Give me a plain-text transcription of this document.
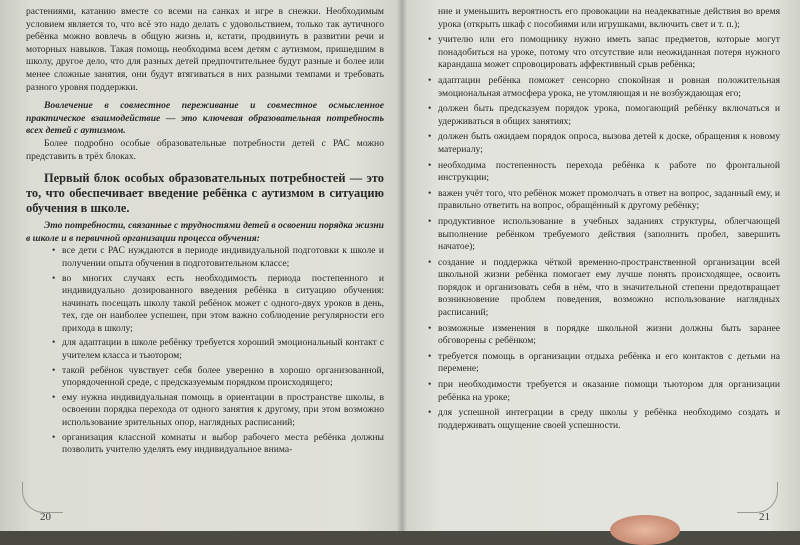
растениями, катанию вместе со всеми на санках и игре в снежки. Необходимым условием является то, что всё это надо делать с удовольствием, только так аутичного ребёнка можно вовлечь в общую жизнь и, кстати, продвинуть в развитии речи и моторных навыков. Такая помощь необходима всем детям с аутизмом, пришедшим в школу, другое дело, что для разных детей предпочтительнее будут разные и более или менее сложные занятия, они будут втягиваться в них разными темпами и требовать разного уровня поддержки.

Вовлечение в совместное переживание и совместное осмысленное практическое взаимодействие — это ключевая образовательная потребность всех детей с аутизмом.

Более подробно особые образовательные потребности детей с РАС можно представить в трёх блоках.

Первый блок особых образовательных потребностей — это то, что обеспечивает введение ребёнка с аутизмом в ситуацию обучения в школе.

Это потребности, связанные с трудностями детей в освоении порядка жизни в школе и в первичной организации процесса обучения:

• все дети с РАС нуждаются в периоде индивидуальной подготовки к школе и получении опыта обучения в подготовительном классе;
• во многих случаях есть необходимость периода постепенного и индивидуально дозированного введения ребёнка в ситуацию обучения: начинать посещать школу такой ребёнок может с одного-двух уроков в день, тех, где он наиболее успешен, при этом важно соблюдение регулярности его прихода в школу;
• для адаптации в школе ребёнку требуется хороший эмоциональный контакт с учителем класса и тьютором;
• такой ребёнок чувствует себя более уверенно в хорошо организованной, упорядоченной среде, с предсказуемым порядком происходящего;
• ему нужна индивидуальная помощь в ориентации в пространстве школы, в освоении порядка перехода от одного занятия к другому, при этом возможно использование зрительных опор, наглядных расписаний;
• организация классной комнаты и выбор рабочего места ребёнка должны позволить учителю уделять ему индивидуальное внима-
20
ние и уменьшить вероятность его провокации на неадекватные действия во время урока (открыть шкаф с пособиями или игрушками, включить свет и т. п.);
• учителю или его помощнику нужно иметь запас предметов, которые могут понадобиться на уроке, потому что отсутствие или неожиданная потеря нужного карандаша может спровоцировать аффективный срыв ребёнка;
• адаптации ребёнка поможет сенсорно спокойная и ровная положительная эмоциональная атмосфера урока, не утомляющая и не возбуждающая его;
• должен быть предсказуем порядок урока, помогающий ребёнку включаться и удерживаться в общих занятиях;
• должен быть ожидаем порядок опроса, вызова детей к доске, обращения к новому материалу;
• необходима постепенность перехода ребёнка к работе по фронтальной инструкции;
• важен учёт того, что ребёнок может промолчать в ответ на вопрос, заданный ему, и правильно ответить на вопрос, обращённый к другому ребёнку;
• продуктивное использование в учебных заданиях структуры, облегчающей выполнение ребёнком требуемого действия (заполнить пробел, завершить начатое);
• создание и поддержка чёткой временно-пространственной организации всей школьной жизни ребёнка помогает ему лучше понять происходящее, освоить порядок и организовать себя в нём, что в значительной степени предотвращает возникновение проблем поведения, возможно использование наглядных расписаний;
• возможные изменения в порядке школьной жизни должны быть заранее обговорены с ребёнком;
• требуется помощь в организации отдыха ребёнка и его контактов с детьми на перемене;
• при необходимости требуется и оказание помощи тьютором для организации ребёнка на уроке;
• для успешной интеграции в среду школы у ребёнка необходимо создать и поддерживать ощущение своей успешности.
21
